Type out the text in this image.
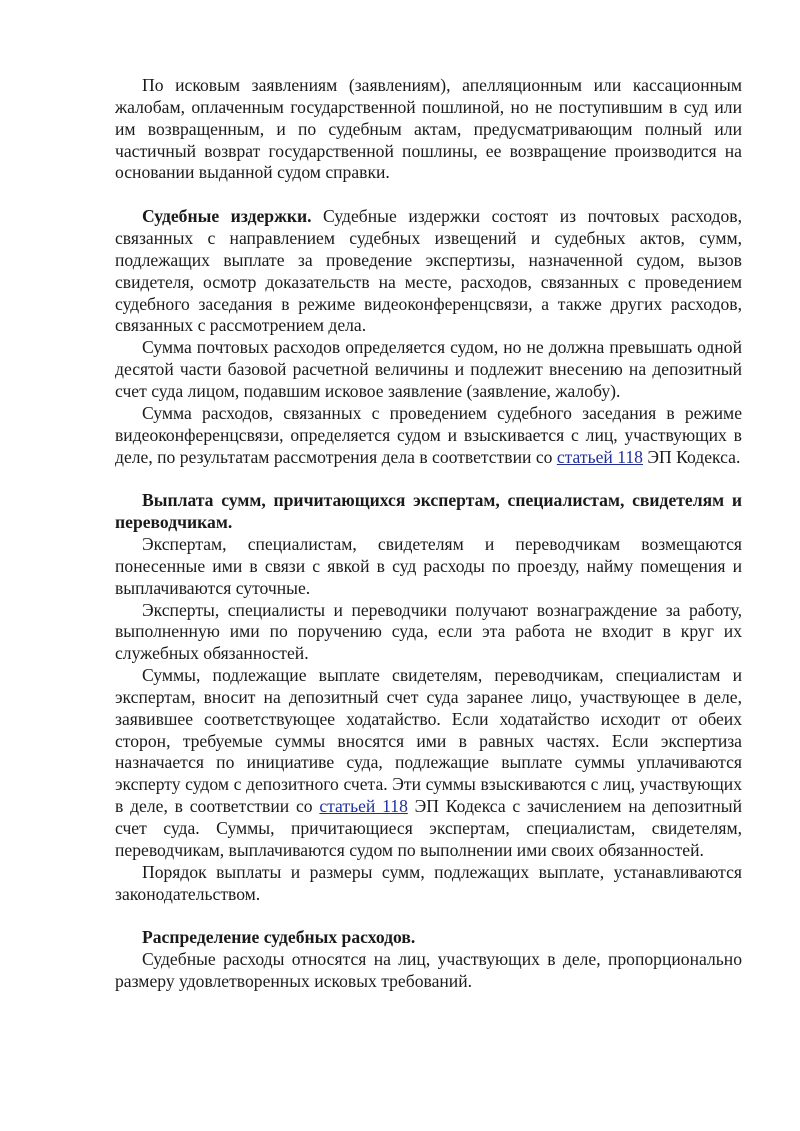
По исковым заявлениям (заявлениям), апелляционным или кассационным жалобам, оплаченным государственной пошлиной, но не поступившим в суд или им возвращенным, и по судебным актам, предусматривающим полный или частичный возврат государственной пошлины, ее возвращение производится на основании выданной судом справки.

Судебные издержки. Судебные издержки состоят из почтовых расходов, связанных с направлением судебных извещений и судебных актов, сумм, подлежащих выплате за проведение экспертизы, назначенной судом, вызов свидетеля, осмотр доказательств на месте, расходов, связанных с проведением судебного заседания в режиме видеоконференцсвязи, а также других расходов, связанных с рассмотрением дела.

Сумма почтовых расходов определяется судом, но не должна превышать одной десятой части базовой расчетной величины и подлежит внесению на депозитный счет суда лицом, подавшим исковое заявление (заявление, жалобу).

Сумма расходов, связанных с проведением судебного заседания в режиме видеоконференцсвязи, определяется судом и взыскивается с лиц, участвующих в деле, по результатам рассмотрения дела в соответствии со статьей 118 ЭП Кодекса.

Выплата сумм, причитающихся экспертам, специалистам, свидетелям и переводчикам.

Экспертам, специалистам, свидетелям и переводчикам возмещаются понесенные ими в связи с явкой в суд расходы по проезду, найму помещения и выплачиваются суточные.

Эксперты, специалисты и переводчики получают вознаграждение за работу, выполненную ими по поручению суда, если эта работа не входит в круг их служебных обязанностей.

Суммы, подлежащие выплате свидетелям, переводчикам, специалистам и экспертам, вносит на депозитный счет суда заранее лицо, участвующее в деле, заявившее соответствующее ходатайство. Если ходатайство исходит от обеих сторон, требуемые суммы вносятся ими в равных частях. Если экспертиза назначается по инициативе суда, подлежащие выплате суммы уплачиваются эксперту судом с депозитного счета. Эти суммы взыскиваются с лиц, участвующих в деле, в соответствии со статьей 118 ЭП Кодекса с зачислением на депозитный счет суда. Суммы, причитающиеся экспертам, специалистам, свидетелям, переводчикам, выплачиваются судом по выполнении ими своих обязанностей.

Порядок выплаты и размеры сумм, подлежащих выплате, устанавливаются законодательством.

Распределение судебных расходов.

Судебные расходы относятся на лиц, участвующих в деле, пропорционально размеру удовлетворенных исковых требований.
